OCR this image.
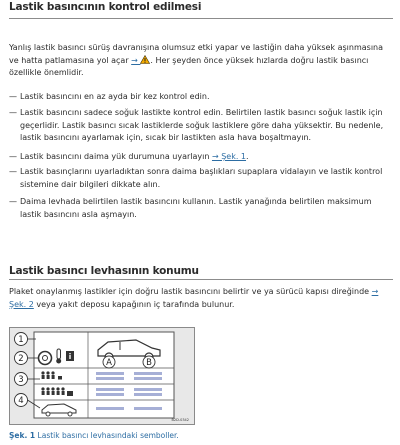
Lastik basıncının kontrol edilmesi
Yanlış lastik basıncı sürüş davranışına olumsuz etki yapar ve lastiğin daha yüksek aşınmasına ve hatta patlamasına yol açar → . Her şeyden önce yüksek hızlarda doğru lastik basıncı özellikle önemlidir.
— Lastik basıncını en az ayda bir kez kontrol edin.
— Lastik basıncını sadece soğuk lastikte kontrol edin. Belirtilen lastik basıncı soğuk lastik için geçerlidir. Lastik basıncı sıcak lastiklerde soğuk lastiklere göre daha yüksektir. Bu nedenle, lastik basıncını ayarlamak için, sıcak bir lastikten asla hava boşaltmayın.
— Lastik basıncını daima yük durumuna uyarlayın → Şek. 1.
— Lastik basınçlarını uyarladıktan sonra daima başlıkları supaplara vidalayın ve lastik kontrol sistemine dair bilgileri dikkate alın.
— Daima levhada belirtilen lastik basıncını kullanın. Lastik yanağında belirtilen maksimum lastik basıncını asla aşmayın.
Lastik basıncı levhasının konumu
Plaket onaylanmış lastikler için doğru lastik basıncını belirtir ve ya sürücü kapısı direğinde → Şek. 2 veya yakıt deposu kapağının iç tarafında bulunur.
A	B
1
2
3
4
B2D-0342
Şek. 1 Lastik basıncı levhasındaki semboller.
